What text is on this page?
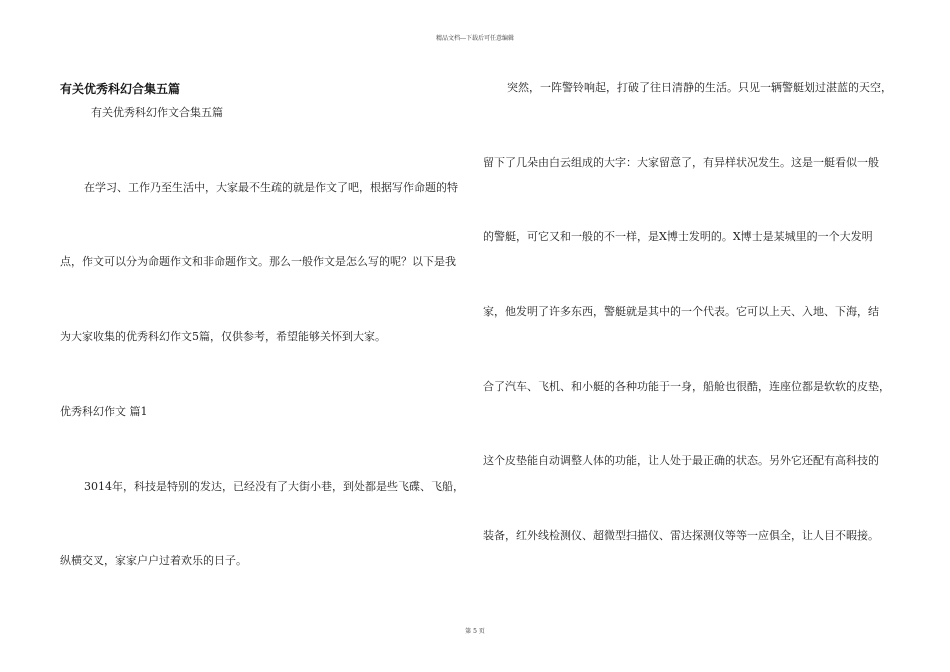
精品文档---下载后可任意编辑
有关优秀科幻合集五篇
有关优秀科幻作文合集五篇
在学习、工作乃至生活中，大家最不生疏的就是作文了吧，根据写作命题的特
点，作文可以分为命题作文和非命题作文。那么一般作文是怎么写的呢？以下是我
为大家收集的优秀科幻作文5篇，仅供参考，希望能够关怀到大家。
优秀科幻作文 篇1
3014年，科技是特别的发达，已经没有了大街小巷，到处都是些飞碟、飞船，
纵横交叉，家家户户过着欢乐的日子。
突然，一阵警铃响起，打破了往日清静的生活。只见一辆警艇划过湛蓝的天空，
留下了几朵由白云组成的大字：大家留意了，有异样状况发生。这是一艇看似一般
的警艇，可它又和一般的不一样，是X博士发明的。X博士是某城里的一个大发明
家，他发明了许多东西，警艇就是其中的一个代表。它可以上天、入地、下海，结
合了汽车、飞机、和小艇的各种功能于一身，船舱也很酷，连座位都是软软的皮垫，
这个皮垫能自动调整人体的功能，让人处于最正确的状态。另外它还配有高科技的
装备，红外线检测仪、超微型扫描仪、雷达探测仪等等一应俱全，让人目不暇接。
第 5 页
